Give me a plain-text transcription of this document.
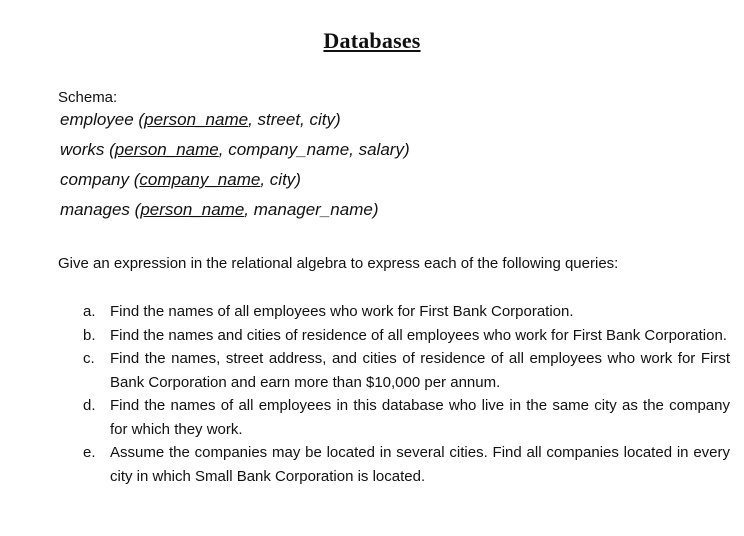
Databases
Schema:
employee (person_name, street, city)
works (person_name, company_name, salary)
company (company_name, city)
manages (person_name, manager_name)
Give an expression in the relational algebra to express each of the following queries:
a. Find the names of all employees who work for First Bank Corporation.
b. Find the names and cities of residence of all employees who work for First Bank Corporation.
c. Find the names, street address, and cities of residence of all employees who work for First Bank Corporation and earn more than $10,000 per annum.
d. Find the names of all employees in this database who live in the same city as the company for which they work.
e. Assume the companies may be located in several cities. Find all companies located in every city in which Small Bank Corporation is located.
